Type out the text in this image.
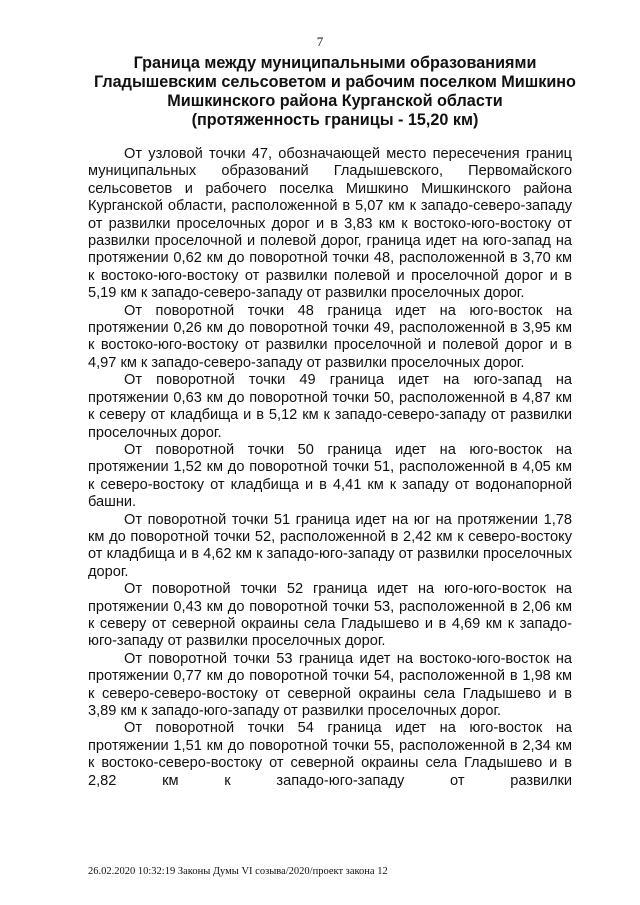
7
Граница между муниципальными образованиями
Гладышевским сельсоветом и рабочим поселком Мишкино
Мишкинского района Курганской области
(протяженность границы - 15,20 км)

От узловой точки 47, обозначающей место пересечения границ муниципальных образований Гладышевского, Первомайского сельсоветов и рабочего поселка Мишкино Мишкинского района Курганской области, расположенной в 5,07 км к западо-северо-западу от развилки проселочных дорог и в 3,83 км к востоко-юго-востоку от развилки проселочной и полевой дорог, граница идет на юго-запад на протяжении 0,62 км до поворотной точки 48, расположенной в 3,70 км к востоко-юго-востоку от развилки полевой и проселочной дорог и в 5,19 км к западо-северо-западу от развилки проселочных дорог.

От поворотной точки 48 граница идет на юго-восток на протяжении 0,26 км до поворотной точки 49, расположенной в 3,95 км к востоко-юго-востоку от развилки проселочной и полевой дорог и в 4,97 км к западо-северо-западу от развилки проселочных дорог.

От поворотной точки 49 граница идет на юго-запад на протяжении 0,63 км до поворотной точки 50, расположенной в 4,87 км к северу от кладбища и в 5,12 км к западо-северо-западу от развилки проселочных дорог.

От поворотной точки 50 граница идет на юго-восток на протяжении 1,52 км до поворотной точки 51, расположенной в 4,05 км к северо-востоку от кладбища и в 4,41 км к западу от водонапорной башни.

От поворотной точки 51 граница идет на юг на протяжении 1,78 км до поворотной точки 52, расположенной в 2,42 км к северо-востоку от кладбища и в 4,62 км к западо-юго-западу от развилки проселочных дорог.

От поворотной точки 52 граница идет на юго-юго-восток на протяжении 0,43 км до поворотной точки 53, расположенной в 2,06 км к северу от северной окраины села Гладышево и в 4,69 км к западо-юго-западу от развилки проселочных дорог.

От поворотной точки 53 граница идет на востоко-юго-восток на протяжении 0,77 км до поворотной точки 54, расположенной в 1,98 км к северо-северо-востоку от северной окраины села Гладышево и в 3,89 км к западо-юго-западу от развилки проселочных дорог.

От поворотной точки 54 граница идет на юго-восток на протяжении 1,51 км до поворотной точки 55, расположенной в 2,34 км к востоко-северо-востоку от северной окраины села Гладышево и в 2,82 км к западо-юго-западу от развилки

26.02.2020 10:32:19 Законы Думы VI созыва/2020/проект закона 12
